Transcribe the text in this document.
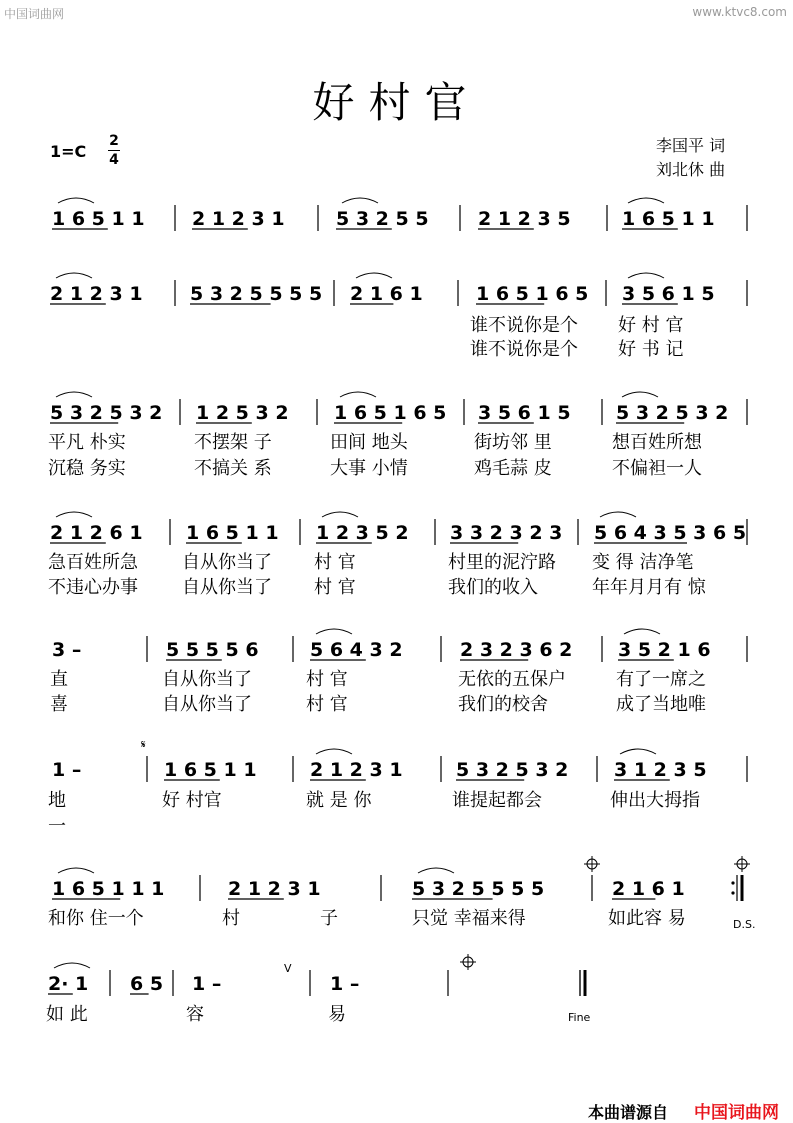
中国词曲网	www.ktvc8.com
好村官
1=C
2
4
李国平 词
刘北休 曲
1 6 5 1 1 2 1 2 3 1	5 3 2 5 5	2 1 2 3 5	1 6 5 1 1
2 1 2 3 1 5 3 2 5 5 5 5 2 1 6 1	1 6 5 1 6 5 3 5 6 1 5
5 3 2 5 3 2 1 2 5 3 2 1 6 5 1 6 5 3 5 6 1 5 5 3 2 5 3 2
2 1 2 6 1 1 6 5 1 1 1 2 3 5 2 3 3 2 3 2 3 5 6 4 3 5 3 6 5
3 –	5 5 5 5 6	5 6 4 3 2	2 3 2 3 6 2 3 5 2 1 6
1 –	1 6 5 1 1	2 1 2 3 1	5 3 2 5 3 2 3 1 2 3 5
1 6 5 1 1 1	2 1 2 3 1	5 3 2 5 5 5 5	2 1 6 1
2· 1 6 5 1 –	1 –
𝄋
V
D.S.
Fine
谁不说你是个 好 村 官
平凡 朴实	不摆架 子	田间 地头	街坊邻 里	想百姓所想
急百姓所急 自从你当了 村 官	村里的泥泞路 变 得 洁净笔
直	自从你当了	村 官	无依的五保户	有了一席之
地	好 村官	就 是 你	谁提起都会	伸出大拇指
和你 住一个	村	子	只觉 幸福来得	如此容 易
如 此	容	易
谁不说你是个 好 书 记
沉稳 务实	不搞关 系	大事 小情	鸡毛蒜 皮	不偏袒一人
不违心办事 自从你当了 村 官	我们的收入	年年月月有 惊
喜	自从你当了	村 官	我们的校舍	成了当地唯
一
本曲谱源自 中国词曲网
